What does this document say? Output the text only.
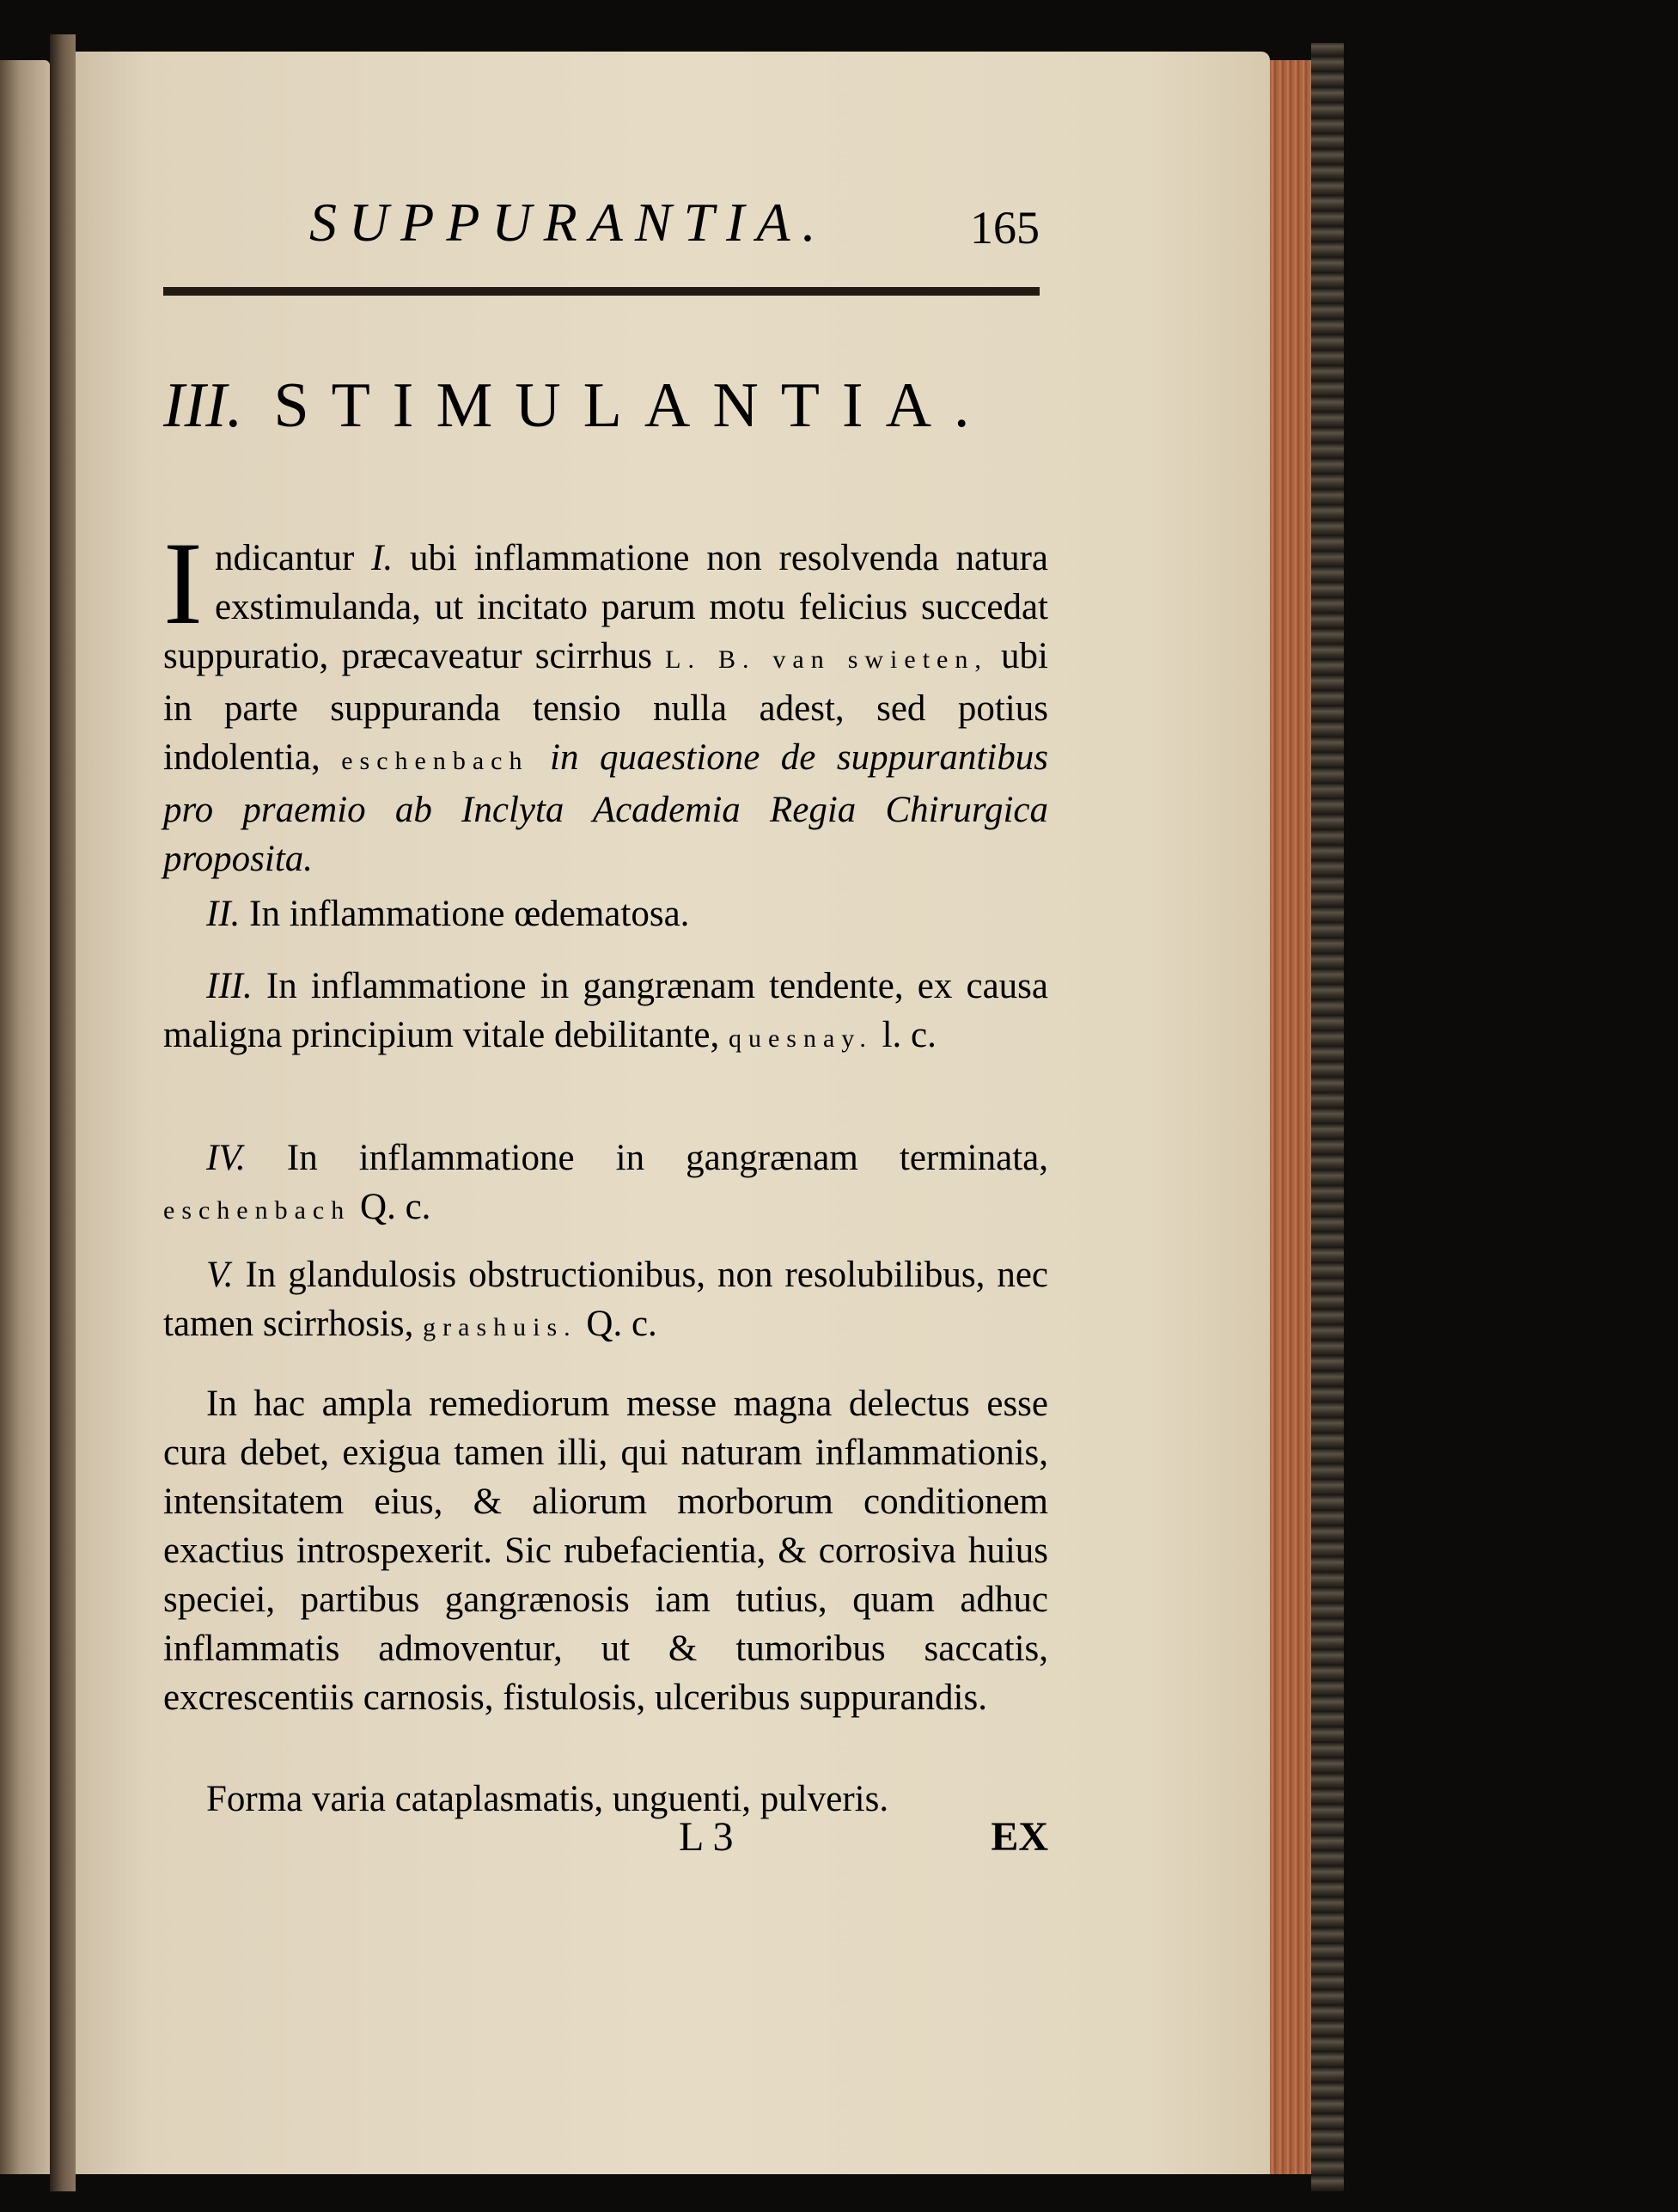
SUPPURANTIA.	165
III. STIMULANTIA.

Indicantur I. ubi inflammatione non resolvenda natura exstimulanda, ut incitato parum motu felicius succedat suppuratio, præcaveatur scirrhus L. B. van swieten, ubi in parte suppuranda tensio nulla adest, sed potius indolentia, eschenbach in quaestione de suppurantibus pro praemio ab Inclyta Academia Regia Chirurgica proposita.

II. In inflammatione œdematosa.

III. In inflammatione in gangrænam tendente, ex causa maligna principium vitale debilitante, quesnay. l. c.

IV. In inflammatione in gangrænam terminata, eschenbach Q. c.

V. In glandulosis obstructionibus, non resolubilibus, nec tamen scirrhosis, grashuis. Q. c.

In hac ampla remediorum messe magna delectus esse cura debet, exigua tamen illi, qui naturam inflammationis, intensitatem eius, & aliorum morborum conditionem exactius introspexerit. Sic rubefacientia, & corrosiva huius speciei, partibus gangrænosis iam tutius, quam adhuc inflammatis admoventur, ut & tumoribus saccatis, excrescentiis carnosis, fistulosis, ulceribus suppurandis.

Forma varia cataplasmatis, unguenti, pulveris.

L 3	EX
